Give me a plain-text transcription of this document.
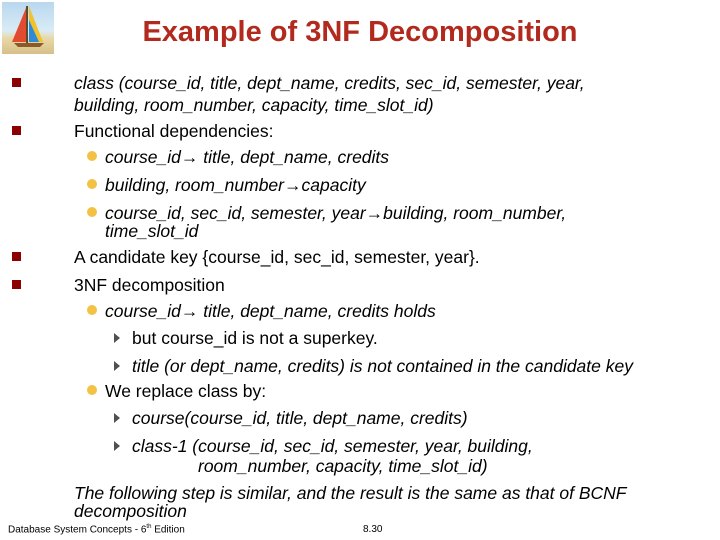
Example of 3NF Decomposition
class (course_id, title, dept_name, credits, sec_id, semester, year,
building, room_number, capacity, time_slot_id)
Functional dependencies:
course_id→ title, dept_name, credits
building, room_number→capacity
course_id, sec_id, semester, year→building, room_number,
time_slot_id
A candidate key {course_id, sec_id, semester, year}.
3NF decomposition
course_id→ title, dept_name, credits holds
but course_id is not a superkey.
title (or dept_name, credits) is not contained in the candidate key
We replace class by:
course(course_id, title, dept_name, credits)
class-1 (course_id, sec_id, semester, year, building,
room_number, capacity, time_slot_id)
The following step is similar, and the result is the same as that of BCNF
decomposition
Database System Concepts - 6th Edition	8.30
